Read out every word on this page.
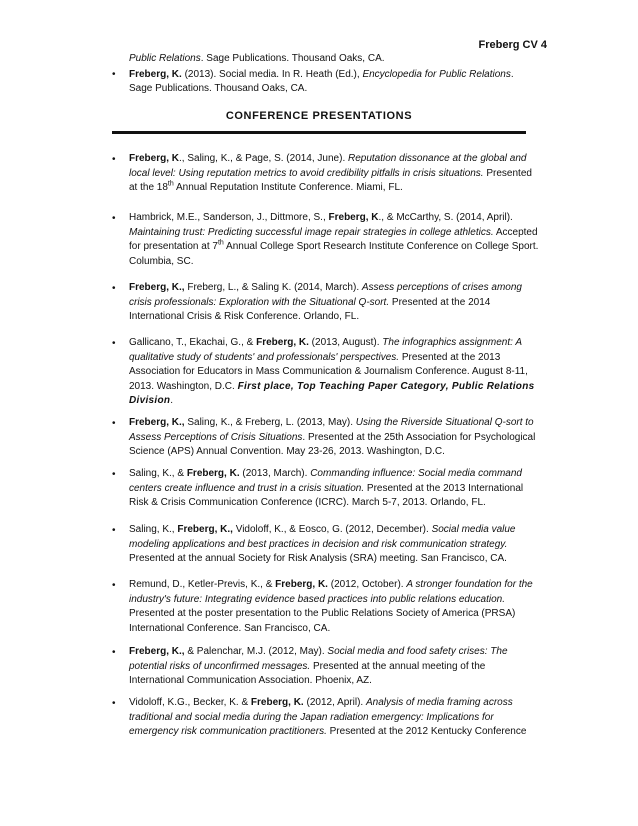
Freberg CV 4
Public Relations. Sage Publications. Thousand Oaks, CA.
• Freberg, K. (2013). Social media. In R. Heath (Ed.), Encyclopedia for Public Relations.
Sage Publications. Thousand Oaks, CA.
CONFERENCE PRESENTATIONS
• Freberg, K., Saling, K., & Page, S. (2014, June). Reputation dissonance at the global and local level: Using reputation metrics to avoid credibility pitfalls in crisis situations. Presented at the 18th Annual Reputation Institute Conference. Miami, FL.
• Hambrick, M.E., Sanderson, J., Dittmore, S., Freberg, K., & McCarthy, S. (2014, April). Maintaining trust: Predicting successful image repair strategies in college athletics. Accepted for presentation at 7th Annual College Sport Research Institute Conference on College Sport. Columbia, SC.
• Freberg, K., Freberg, L., & Saling K. (2014, March). Assess perceptions of crises among crisis professionals: Exploration with the Situational Q-sort. Presented at the 2014 International Crisis & Risk Conference. Orlando, FL.
• Gallicano, T., Ekachai, G., & Freberg, K. (2013, August). The infographics assignment: A qualitative study of students' and professionals' perspectives. Presented at the 2013 Association for Educators in Mass Communication & Journalism Conference. August 8-11, 2013. Washington, D.C. First place, Top Teaching Paper Category, Public Relations Division.
• Freberg, K., Saling, K., & Freberg, L. (2013, May). Using the Riverside Situational Q-sort to Assess Perceptions of Crisis Situations. Presented at the 25th Association for Psychological Science (APS) Annual Convention. May 23-26, 2013. Washington, D.C.
• Saling, K., & Freberg, K. (2013, March). Commanding influence: Social media command centers create influence and trust in a crisis situation. Presented at the 2013 International Risk & Crisis Communication Conference (ICRC). March 5-7, 2013. Orlando, FL.
• Saling, K., Freberg, K., Vidoloff, K., & Eosco, G. (2012, December). Social media value modeling applications and best practices in decision and risk communication strategy. Presented at the annual Society for Risk Analysis (SRA) meeting. San Francisco, CA.
• Remund, D., Ketler-Previs, K., & Freberg, K. (2012, October). A stronger foundation for the industry's future: Integrating evidence based practices into public relations education. Presented at the poster presentation to the Public Relations Society of America (PRSA) International Conference. San Francisco, CA.
• Freberg, K., & Palenchar, M.J. (2012, May). Social media and food safety crises: The potential risks of unconfirmed messages. Presented at the annual meeting of the International Communication Association. Phoenix, AZ.
• Vidoloff, K.G., Becker, K. & Freberg, K. (2012, April). Analysis of media framing across traditional and social media during the Japan radiation emergency: Implications for emergency risk communication practitioners. Presented at the 2012 Kentucky Conference
